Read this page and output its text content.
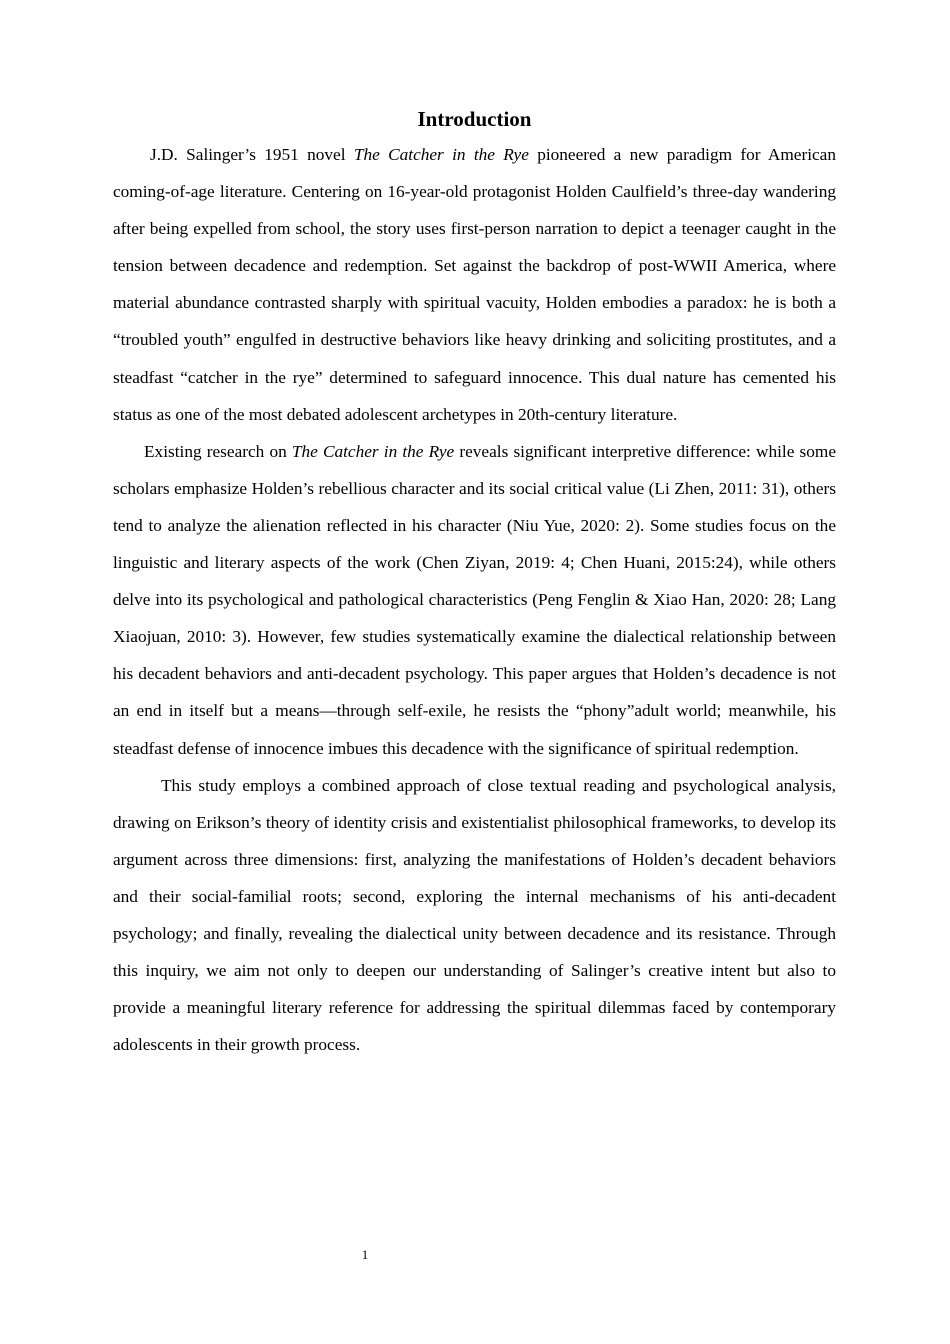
Introduction

J.D. Salinger’s 1951 novel The Catcher in the Rye pioneered a new paradigm for American coming-of-age literature. Centering on 16-year-old protagonist Holden Caulfield’s three-day wandering after being expelled from school, the story uses first-person narration to depict a teenager caught in the tension between decadence and redemption. Set against the backdrop of post-WWII America, where material abundance contrasted sharply with spiritual vacuity, Holden embodies a paradox: he is both a “troubled youth” engulfed in destructive behaviors like heavy drinking and soliciting prostitutes, and a steadfast “catcher in the rye” determined to safeguard innocence. This dual nature has cemented his status as one of the most debated adolescent archetypes in 20th-century literature.

Existing research on The Catcher in the Rye reveals significant interpretive difference: while some scholars emphasize Holden’s rebellious character and its social critical value (Li Zhen, 2011: 31), others tend to analyze the alienation reflected in his character (Niu Yue, 2020: 2). Some studies focus on the linguistic and literary aspects of the work (Chen Ziyan, 2019: 4; Chen Huani, 2015:24), while others delve into its psychological and pathological characteristics (Peng Fenglin & Xiao Han, 2020: 28; Lang Xiaojuan, 2010: 3). However, few studies systematically examine the dialectical relationship between his decadent behaviors and anti-decadent psychology. This paper argues that Holden’s decadence is not an end in itself but a means—through self-exile, he resists the “phony”adult world; meanwhile, his steadfast defense of innocence imbues this decadence with the significance of spiritual redemption.

This study employs a combined approach of close textual reading and psychological analysis, drawing on Erikson’s theory of identity crisis and existentialist philosophical frameworks, to develop its argument across three dimensions: first, analyzing the manifestations of Holden’s decadent behaviors and their social-familial roots; second, exploring the internal mechanisms of his anti-decadent psychology; and finally, revealing the dialectical unity between decadence and its resistance. Through this inquiry, we aim not only to deepen our understanding of Salinger’s creative intent but also to provide a meaningful literary reference for addressing the spiritual dilemmas faced by contemporary adolescents in their growth process.

1
